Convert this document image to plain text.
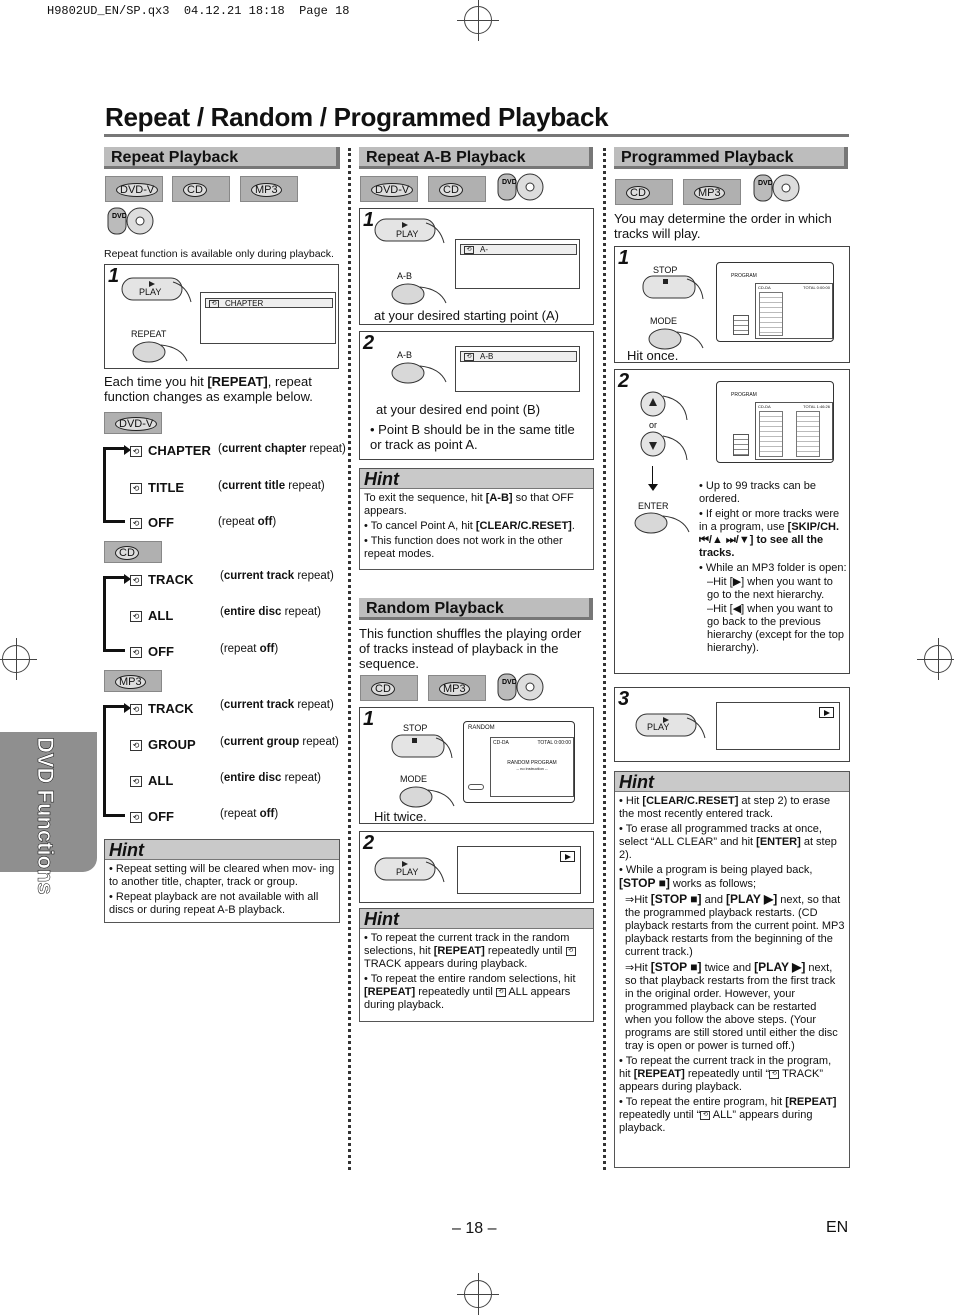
H9802UD_EN/SP.qx3 04.12.21 18:18 Page 18
Repeat / Random / Programmed Playback
DVD Functions
Repeat Playback
DVD-V	CD	MP3
DVD
Repeat function is available only during playback.
1
PLAY
REPEAT
⟲ CHAPTER
Each time you hit [REPEAT], repeat function changes as example below.
DVD-V
⟲ CHAPTER (current chapter repeat)
⟲ TITLE	(current title repeat)
⟲ OFF	(repeat off)
CD
⟲ TRACK (current track repeat)
⟲ ALL	(entire disc repeat)
⟲ OFF	(repeat off)
MP3
⟲ TRACK (current track repeat)
⟲ GROUP (current group repeat)
⟲ ALL	(entire disc repeat)
⟲ OFF	(repeat off)
Hint

• Repeat setting will be cleared when mov- ing to another title, chapter, track or group.

• Repeat playback are not available with all discs or during repeat A-B playback.

Repeat A-B Playback
DVD-V	CD
DVD
1
PLAY
A-B
⟲ A-
at your desired starting point (A)
2
A-B	⟲ A-B
at your desired end point (B)
• Point B should be in the same title or track as point A.
Hint

To exit the sequence, hit [A-B] so that OFF appears.

• To cancel Point A, hit [CLEAR/C.RESET].

• This function does not work in the other repeat modes.

Random Playback
This function shuffles the playing order of tracks instead of playback in the sequence.
CD	MP3
DVD
1	STOP
MODE
Hit twice.
RANDOM
CD-DA	TOTAL 0:00:00
RANDOM PROGRAM
-- no instruction --
2
PLAY
Hint

• To repeat the current track in the random selections, hit [REPEAT] repeatedly until ⟲ TRACK appears during playback.

• To repeat the entire random selections, hit [REPEAT] repeatedly until ⟲ ALL appears during playback.

Programmed Playback
CD	MP3
DVD
You may determine the order in which tracks will play.
1
STOP
MODE
Hit once.
PROGRAM
CD-DA	TOTAL 0:00:00
2
or
ENTER
PROGRAM
CD-DA	TOTAL 1:46:26

• Up to 99 tracks can be ordered.

• If eight or more tracks were in a program, use [SKIP/CH. ⏮/▲ ⏭/▼] to see all the tracks.

• While an MP3 folder is open:

–Hit [▶] when you want to go to the next hierarchy.

–Hit [◀] when you want to go back to the previous hierarchy (except for the top hierarchy).

3
PLAY
Hint

• Hit [CLEAR/C.RESET] at step 2) to erase the most recently entered track.

• To erase all programmed tracks at once, select “ALL CLEAR” and hit [ENTER] at step 2).

• While a program is being played back, [STOP ■] works as follows;

⇒Hit [STOP ■] and [PLAY ▶] next, so that the programmed playback restarts. (CD playback restarts from the current point. MP3 playback restarts from the beginning of the current track.)

⇒Hit [STOP ■] twice and [PLAY ▶] next, so that playback restarts from the first track in the original order. However, your programmed playback can be restarted when you follow the above steps. (Your programs are still stored until either the disc tray is open or power is turned off.)

• To repeat the current track in the program, hit [REPEAT] repeatedly until “ ⟲ TRACK” appears during playback.

• To repeat the entire program, hit [REPEAT] repeatedly until “ ⟲ ALL” appears during playback.

– 18 –	EN
